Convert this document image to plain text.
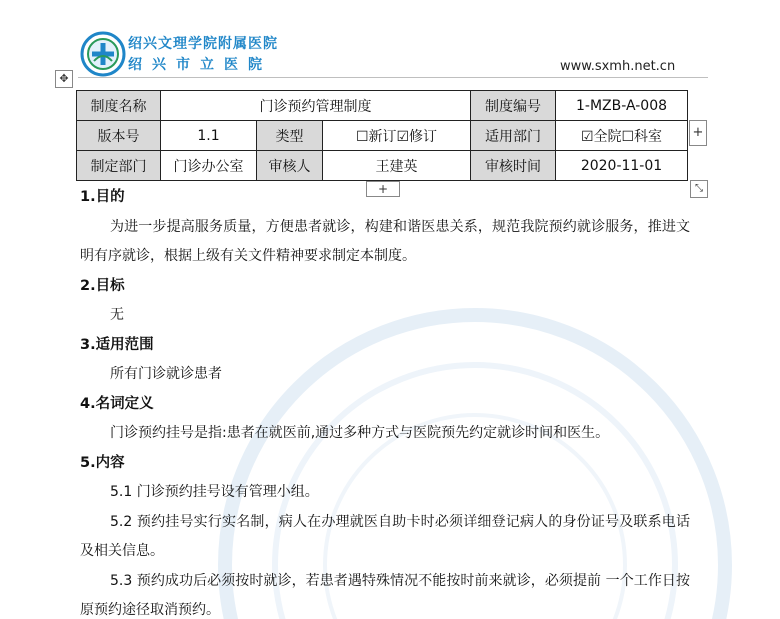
绍兴文理学院附属医院
绍兴市立医院	www.sxmh.net.cn
✥
制度名称	门诊预约管理制度			制度编号	1-MZB-A-008
版本号	1.1	类型	☐新订☑修订	适用部门	☑全院☐科室
制定部门	门诊办公室	审核人	王建英	审核时间	2020-11-01
+
+	⤡
1.目的
为进一步提高服务质量，方便患者就诊，构建和谐医患关系，规范我院预约就诊服务，推进文明有序就诊，根据上级有关文件精神要求制定本制度。
2.目标
无
3.适用范围
所有门诊就诊患者
4.名词定义
门诊预约挂号是指:患者在就医前,通过多种方式与医院预先约定就诊时间和医生。
5.内容
5.1 门诊预约挂号设有管理小组。
5.2 预约挂号实行实名制，病人在办理就医自助卡时必须详细登记病人的身份证号及联系电话及相关信息。
5.3 预约成功后必须按时就诊，若患者遇特殊情况不能按时前来就诊，必须提前 一个工作日按原预约途径取消预约。
